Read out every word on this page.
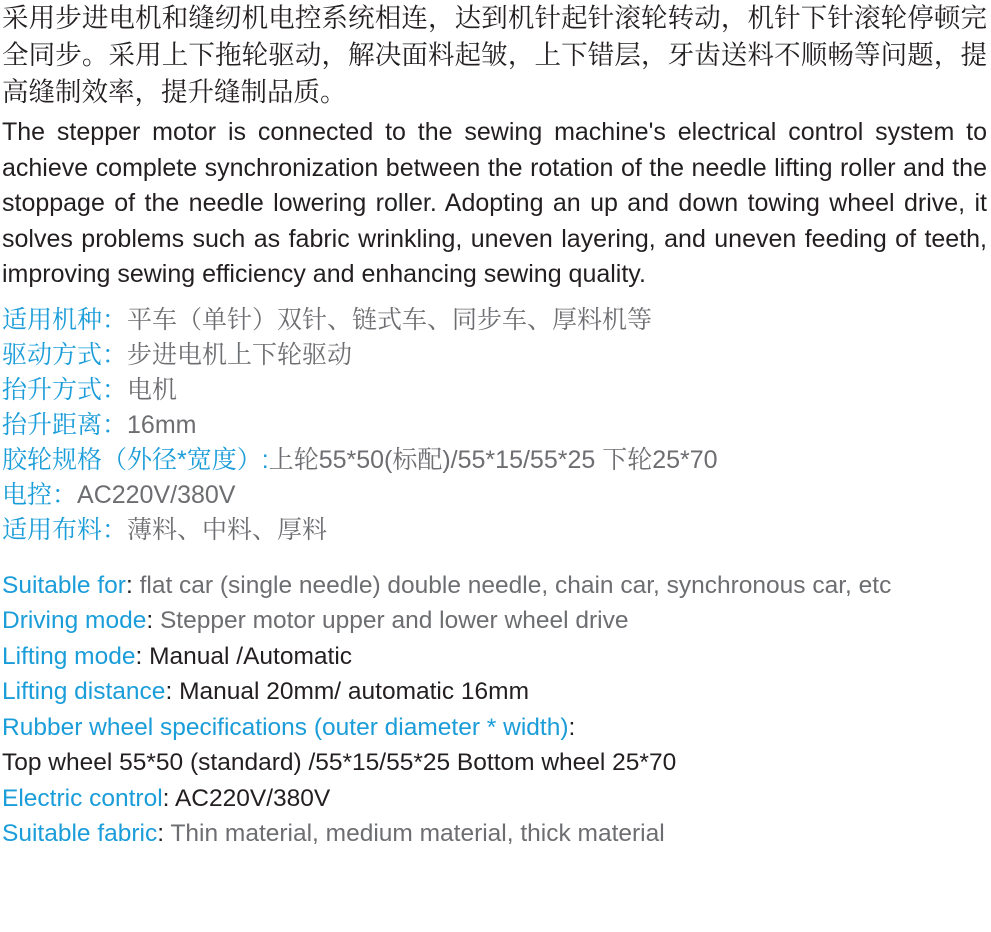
采用步进电机和缝纫机电控系统相连，达到机针起针滚轮转动，机针下针滚轮停顿完全同步。采用上下拖轮驱动，解决面料起皱，上下错层，牙齿送料不顺畅等问题，提高缝制效率，提升缝制品质。

The stepper motor is connected to the sewing machine's electrical control system to achieve complete synchronization between the rotation of the needle lifting roller and the stoppage of the needle lowering roller. Adopting an up and down towing wheel drive, it solves problems such as fabric wrinkling, uneven layering, and uneven feeding of teeth, improving sewing efficiency and enhancing sewing quality.

适用机种：平车（单针）双针、链式车、同步车、厚料机等
驱动方式：步进电机上下轮驱动
抬升方式：电机
抬升距离：16mm
胶轮规格（外径*宽度）:上轮55*50(标配)/55*15/55*25 下轮25*70
电控：AC220V/380V
适用布料：薄料、中料、厚料
Suitable for: flat car (single needle) double needle, chain car, synchronous car, etc
Driving mode: Stepper motor upper and lower wheel drive
Lifting mode: Manual /Automatic
Lifting distance: Manual 20mm/ automatic 16mm
Rubber wheel specifications (outer diameter * width):
Top wheel 55*50 (standard) /55*15/55*25 Bottom wheel 25*70
Electric control: AC220V/380V
Suitable fabric: Thin material, medium material, thick material
